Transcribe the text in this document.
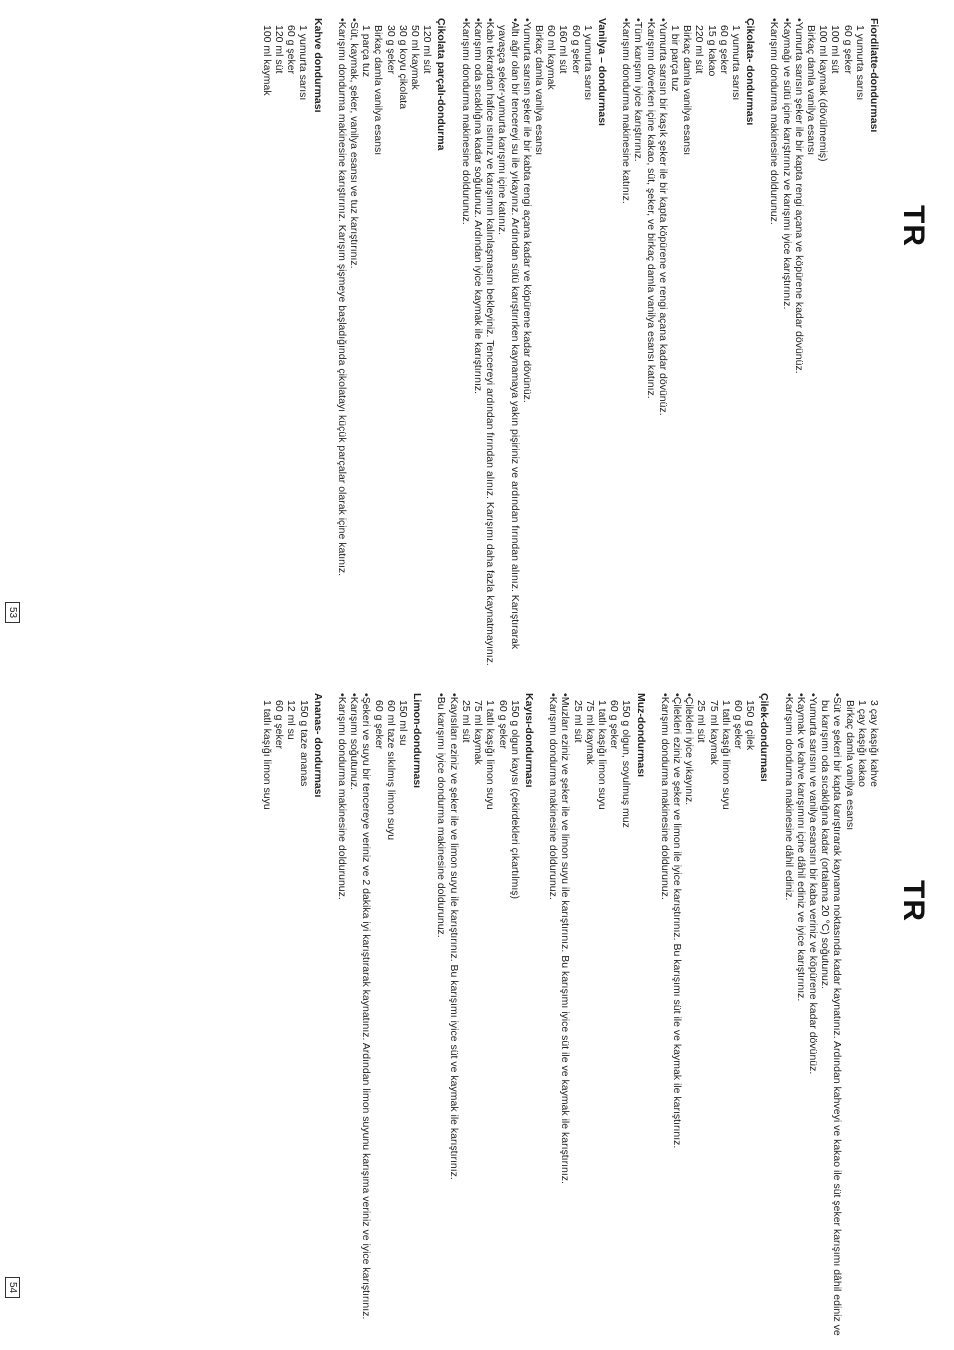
TR
Fiordilatte-dondurması
1 yumurta sarısı
60 g şeker
100 ml süt
100 ml kaymak (dövülmemiş)
Birkaç damla vanilya esansı
• Yumurta sarısın şeker ile bir kapta rengi açana ve köpürene kadar dövünüz.
• Kaymağı ve sütü içine karıştırınız ve karışımı iyice karıştırınız.
• Karışımı dondurma makinesine doldurunuz.
Çikolata- dondurması
1 yumurta sarısı
60 g şeker
15 g kakao
220 ml süt
Birkaç damla vanilya esansı
1 bir parça tuz
• Yumurta sarısın bir kaşık şeker ile bir kapta köpürene ve rengi açana kadar dövünüz.
• Karışımı döverken içine kakao, süt, şeker, ve birkaç damla vanilya esansı katınız.
• Tüm karışımı iyice karıştırınız.
• Karışımı dondurma makinesine katınız.
Vanilya – dondurması
1 yumurta sarısı
60 g şeker
160 ml süt
60 ml kaymak
Birkaç damla vanilya esansı
• Yumurta sarısın şeker ile bir kabta rengi açana kadar ve köpürene kadar dövünüz.
• Altı ağır olan bir tencereyi su ile yıkayınız. Ardından sütü karıştırırken kaynamaya yakın pişiriniz ve ardından fırından alınız. Karıştırarak yavaşça şeker-yumurta karışımı içine katınız.
• Kabı tekrardan hafice ısıtınız ve karışımın kalınlaşmasını bekleyiniz. Tencereyi ardından fırından alınız. Karışımı daha fazla kaynatmayınız.
• Karışımı oda sıcaklığına kadar soğutunuz. Ardından iyice kaymak ile karıştırınız.
• Karışımı dondurma makinesine doldurunuz.
Çikolata parçalı-dondurma
120 ml süt
50 ml kaymak
30 g koyu çikolata
30 g şeker
Birkaç damla vanilya esansı
1 parça tuz
• Süt, kaymak, şeker, vanilya esansı ve tuz karıştırınız.
• Karışımı dondurma makinesine karıştırınız. Karışım şişmeye başladığında çikolatayı küçük parçalar olarak içine katınız.
Kahve dondurması
1 yumurta sarısı
60 g şeker
120 ml süt
100 ml kaymak
53
TR
3 çay kaşığı kahve
1 çay kaşığı kakao
Birkaç damla vanilya esansı
• Süt ve şekeri bir kapta karıştırarak kaynama noktasında kadar kaynatınız. Ardından kahveyi ve kakao ile süt şeker karışımı dâhil ediniz ve bu karışımı oda sıcaklığına kadar (ortalama 20 °C) soğutunuz.
• Yumurta sarısını ve vanilya esansını bir kaba veriniz ve köpürene kadar dövünüz.
• Kaymak ve kahve karışımını içine dâhil ediniz ve iyice karıştırınız.
• Karışımı dondurma makinesine dâhil ediniz.
Çilek-dondurması
150 g çilek
60 g şeker
1 tatlı kaşığı limon suyu
75 ml kaymak
25 ml süt
• Çilekleri iyice yıkayınız.
• Çilekleri eziniz ve şeker ve limon ile iyice karıştırınız. Bu karışımı süt ile ve kaymak ile karıştırınız.
• Karışımı dondurma makinesine doldurunuz.
Muz-dondurması
150 g olgun, soyulmuş muz
60 g şeker
1 tatlı kaşığı limon suyu
75 ml kaymak
25 ml süt
• Muzları eziniz ve şeker ile ve limon suyu ile karıştırınız. Bu karışımı iyice süt ile ve kaymak ile karıştırınız.
• Karışımı dondurma makinesine doldurunuz.
Kayısı-dondurması
150 g olgun kayısı (çekirdekleri çıkartılmış)
60 g şeker
1 tatlı kaşığı limon suyu
75 ml kaymak
25 ml süt
• Kayısıları eziniz ve şeker ile ve limon suyu ile karıştırınız. Bu karışımı iyice süt ve kaymak ile karıştırınız.
• Bu karışımı iyice dondurma makinesine doldurunuz.
Limon-dondurması
150 ml su
60 ml taze sıkılmış limon suyu
60 g şeker
• Şekeri ve suyu bir tencereye veriniz ve 2 dakika iyi karıştırarak kaynatınız. Ardından limon suyunu karışıma veriniz ve iyice karıştırınız.
• Karışımı soğutunuz.
• Karışımı dondurma makinesine doldurunuz.
Ananas- dondurması
150 g taze ananas
12 ml su
60 g şeker
1 tatlı kaşığı limon suyu
54
